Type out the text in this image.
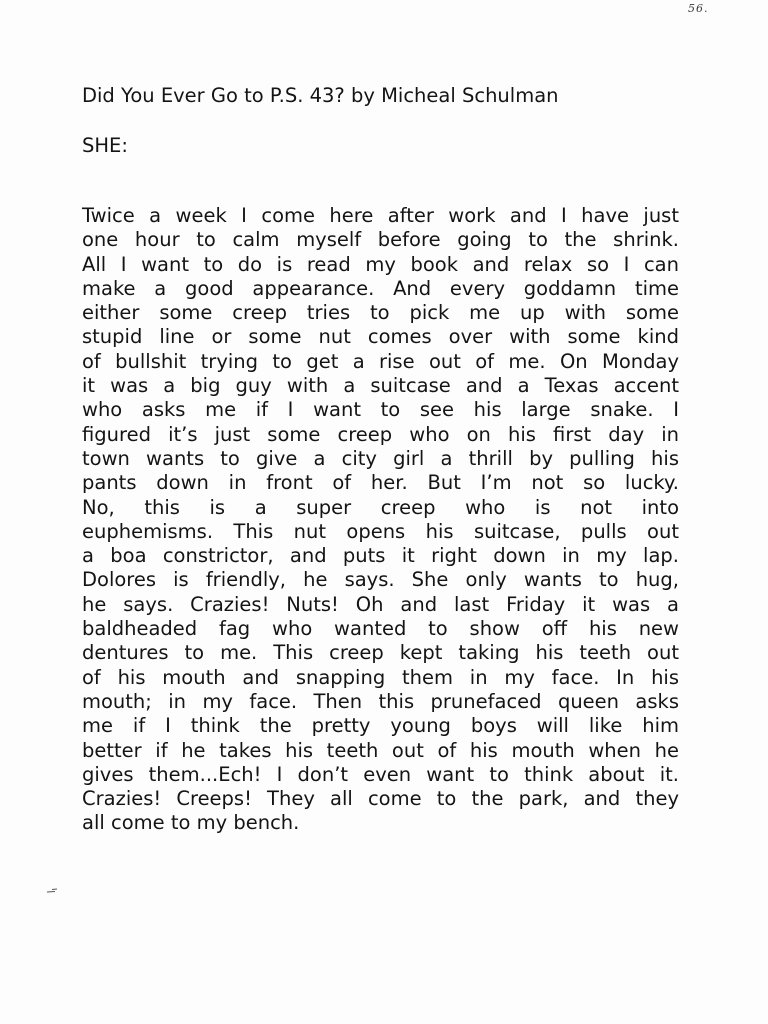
56.
Did You Ever Go to P.S. 43? by Micheal Schulman
SHE:
Twice a week I come here after work and I have just
one hour to calm myself before going to the shrink.
All I want to do is read my book and relax so I can
make a good appearance. And every goddamn time
either some creep tries to pick me up with some
stupid line or some nut comes over with some kind
of bullshit trying to get a rise out of me. On Monday
it was a big guy with a suitcase and a Texas accent
who asks me if I want to see his large snake. I
figured it’s just some creep who on his first day in
town wants to give a city girl a thrill by pulling his
pants down in front of her. But I’m not so lucky.
No, this is a super creep who is not into
euphemisms. This nut opens his suitcase, pulls out
a boa constrictor, and puts it right down in my lap.
Dolores is friendly, he says. She only wants to hug,
he says. Crazies! Nuts! Oh and last Friday it was a
baldheaded fag who wanted to show off his new
dentures to me. This creep kept taking his teeth out
of his mouth and snapping them in my face. In his
mouth; in my face. Then this prunefaced queen asks
me if I think the pretty young boys will like him
better if he takes his teeth out of his mouth when he
gives them...Ech! I don’t even want to think about it.
Crazies! Creeps! They all come to the park, and they
all come to my bench.
